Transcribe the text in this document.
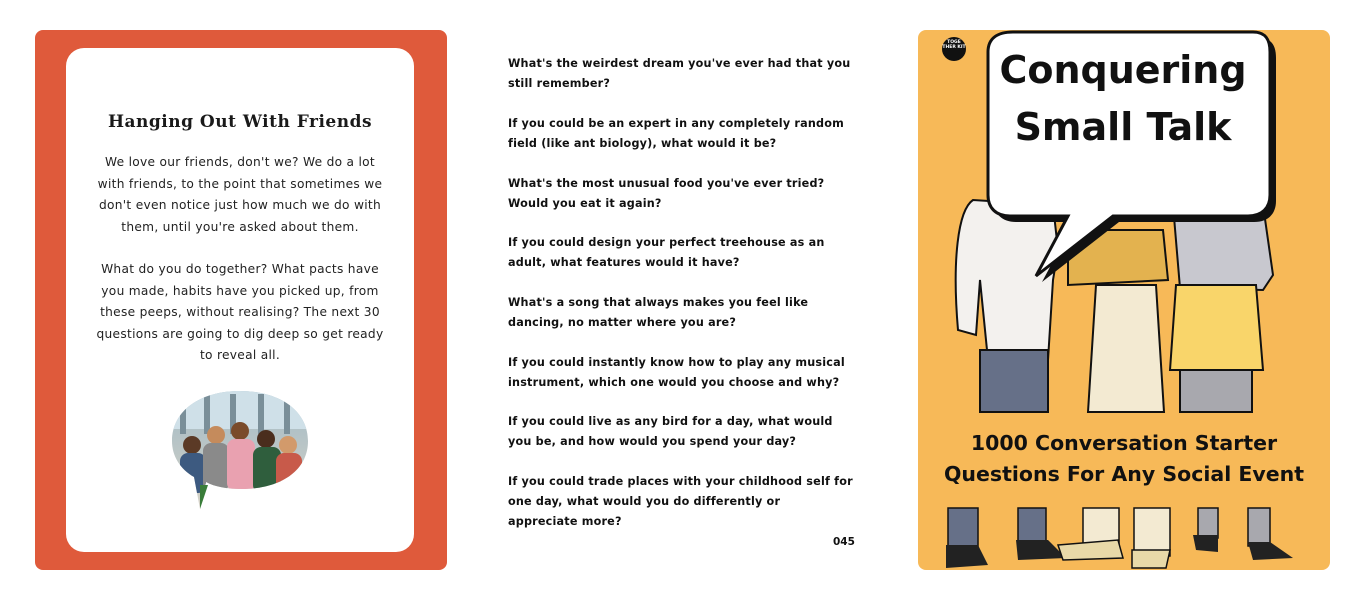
Hanging Out With Friends
We love our friends, don't we? We do a lot with friends, to the point that sometimes we don't even notice just how much we do with them, until you're asked about them.
What do you do together? What pacts have you made, habits have you picked up, from these peeps, without realising? The next 30 questions are going to dig deep so get ready to reveal all.
What's the weirdest dream you've ever had that you still remember?
If you could be an expert in any completely random field (like ant biology), what would it be?
What's the most unusual food you've ever tried? Would you eat it again?
If you could design your perfect treehouse as an adult, what features would it have?
What's a song that always makes you feel like dancing, no matter where you are?
If you could instantly know how to play any musical instrument, which one would you choose and why?
If you could live as any bird for a day, what would you be, and how would you spend your day?
If you could trade places with your childhood self for one day, what would you do differently or appreciate more?
045
TOGE THER KIT
Conquering Small Talk
1000 Conversation Starter Questions For Any Social Event
